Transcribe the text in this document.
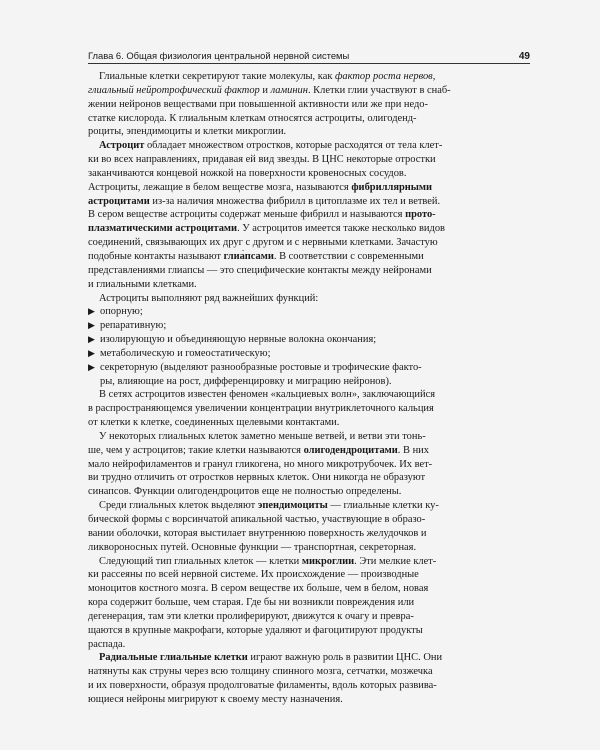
Глава 6. Общая физиология центральной нервной системы	49
Глиальные клетки секретируют такие молекулы, как фактор роста нервов,
глиальный нейротрофический фактор и ламинин. Клетки глии участвуют в снаб-
жении нейронов веществами при повышенной активности или же при недо-
статке кислорода. К глиальным клеткам относятся астроциты, олигоденд-
роциты, эпендимоциты и клетки микроглии.
Астроцит обладает множеством отростков, которые расходятся от тела клет-
ки во всех направлениях, придавая ей вид звезды. В ЦНС некоторые отростки
заканчиваются концевой ножкой на поверхности кровеносных сосудов.
Астроциты, лежащие в белом веществе мозга, называются фибриллярными
астроцитами из-за наличия множества фибрилл в цитоплазме их тел и ветвей.
В сером веществе астроциты содержат меньше фибрилл и называются прото-
плазматическими астроцитами. У астроцитов имеется также несколько видов
соединений, связывающих их друг с другом и с нервными клетками. Зачастую
подобные контакты называют глиа́псами. В соответствии с современными
представлениями глиапсы — это специфические контакты между нейронами
и глиальными клетками.
Астроциты выполняют ряд важнейших функций:
▶ опорную;
▶ репаративную;
▶ изолирующую и объединяющую нервные волокна окончания;
▶ метаболическую и гомеостатическую;
▶ секреторную (выделяют разнообразные ростовые и трофические факто-
ры, влияющие на рост, дифференцировку и миграцию нейронов).
В сетях астроцитов известен феномен «кальциевых волн», заключающийся
в распространяющемся увеличении концентрации внутриклеточного кальция
от клетки к клетке, соединенных щелевыми контактами.
У некоторых глиальных клеток заметно меньше ветвей, и ветви эти тонь-
ше, чем у астроцитов; такие клетки называются олигодендроцитами. В них
мало нейрофиламентов и гранул гликогена, но много микротрубочек. Их вет-
ви трудно отличить от отростков нервных клеток. Они никогда не образуют
синапсов. Функции олигодендроцитов еще не полностью определены.
Среди глиальных клеток выделяют эпендимоциты — глиальные клетки ку-
бической формы с ворсинчатой апикальной частью, участвующие в образо-
вании оболочки, которая выстилает внутреннюю поверхность желудочков и
ликвороносных путей. Основные функции — транспортная, секреторная.
Следующий тип глиальных клеток — клетки микроглии. Эти мелкие клет-
ки рассеяны по всей нервной системе. Их происхождение — производные
моноцитов костного мозга. В сером веществе их больше, чем в белом, новая
кора содержит больше, чем старая. Где бы ни возникли повреждения или
дегенерация, там эти клетки пролиферируют, движутся к очагу и превра-
щаются в крупные макрофаги, которые удаляют и фагоцитируют продукты
распада.
Радиальные глиальные клетки играют важную роль в развитии ЦНС. Они
натянуты как струны через всю толщину спинного мозга, сетчатки, мозжечка
и их поверхности, образуя продолговатые филаменты, вдоль которых развива-
ющиеся нейроны мигрируют к своему месту назначения.
